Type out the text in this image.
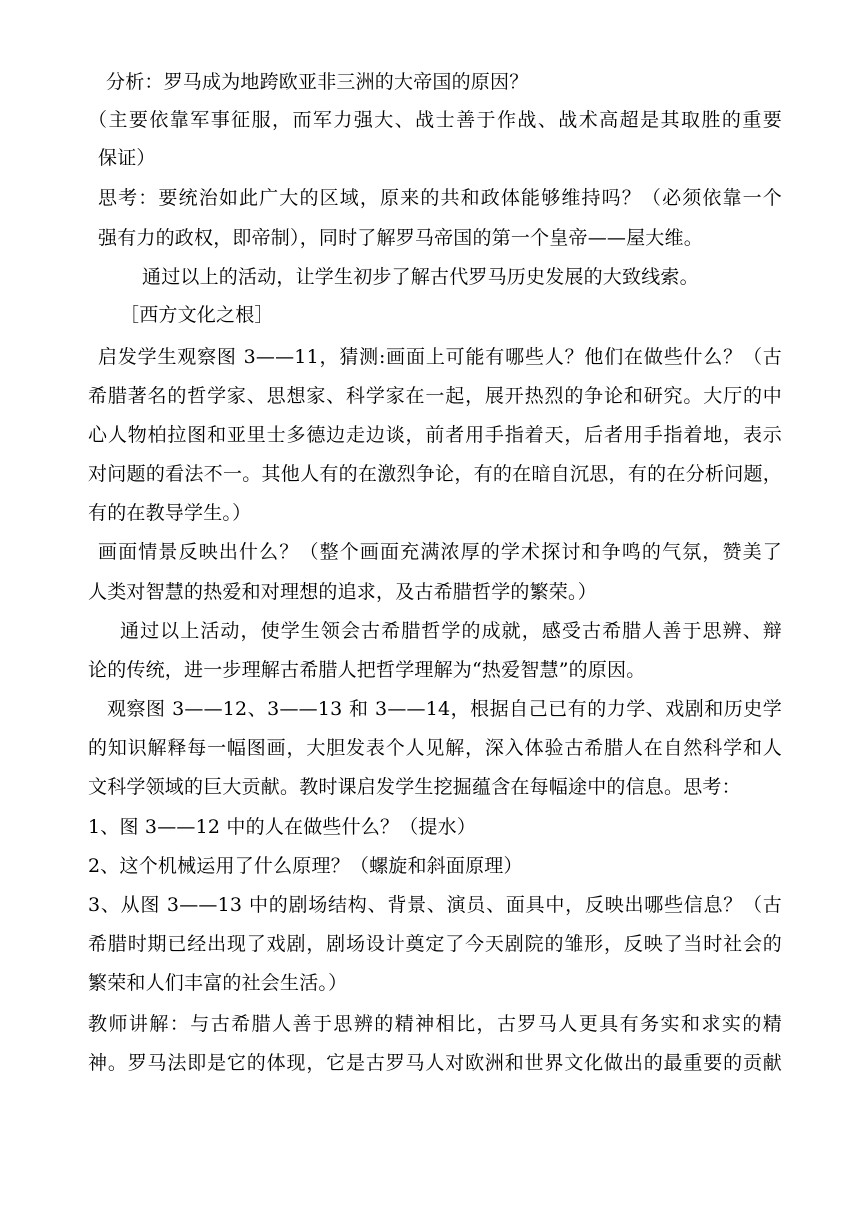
分析：罗马成为地跨欧亚非三洲的大帝国的原因？
（主要依靠军事征服，而军力强大、战士善于作战、战术高超是其取胜的重要
保证）
思考：要统治如此广大的区域，原来的共和政体能够维持吗？（必须依靠一个
强有力的政权，即帝制），同时了解罗马帝国的第一个皇帝——屋大维。
通过以上的活动，让学生初步了解古代罗马历史发展的大致线索。
［西方文化之根］
启发学生观察图 3——11，猜测:画面上可能有哪些人？他们在做些什么？（古
希腊著名的哲学家、思想家、科学家在一起，展开热烈的争论和研究。大厅的中
心人物柏拉图和亚里士多德边走边谈，前者用手指着天，后者用手指着地，表示
对问题的看法不一。其他人有的在激烈争论，有的在暗自沉思，有的在分析问题，
有的在教导学生。）
画面情景反映出什么？（整个画面充满浓厚的学术探讨和争鸣的气氛，赞美了
人类对智慧的热爱和对理想的追求，及古希腊哲学的繁荣。）
通过以上活动，使学生领会古希腊哲学的成就，感受古希腊人善于思辨、辩
论的传统，进一步理解古希腊人把哲学理解为“热爱智慧”的原因。
观察图 3——12、3——13 和 3——14，根据自己已有的力学、戏剧和历史学
的知识解释每一幅图画，大胆发表个人见解，深入体验古希腊人在自然科学和人
文科学领域的巨大贡献。教时课启发学生挖掘蕴含在每幅途中的信息。思考：
1、图 3——12 中的人在做些什么？（提水）
2、这个机械运用了什么原理？（螺旋和斜面原理）
3、从图 3——13 中的剧场结构、背景、演员、面具中，反映出哪些信息？（古
希腊时期已经出现了戏剧，剧场设计奠定了今天剧院的雏形，反映了当时社会的
繁荣和人们丰富的社会生活。）
教师讲解：与古希腊人善于思辨的精神相比，古罗马人更具有务实和求实的精
神。罗马法即是它的体现，它是古罗马人对欧洲和世界文化做出的最重要的贡献
